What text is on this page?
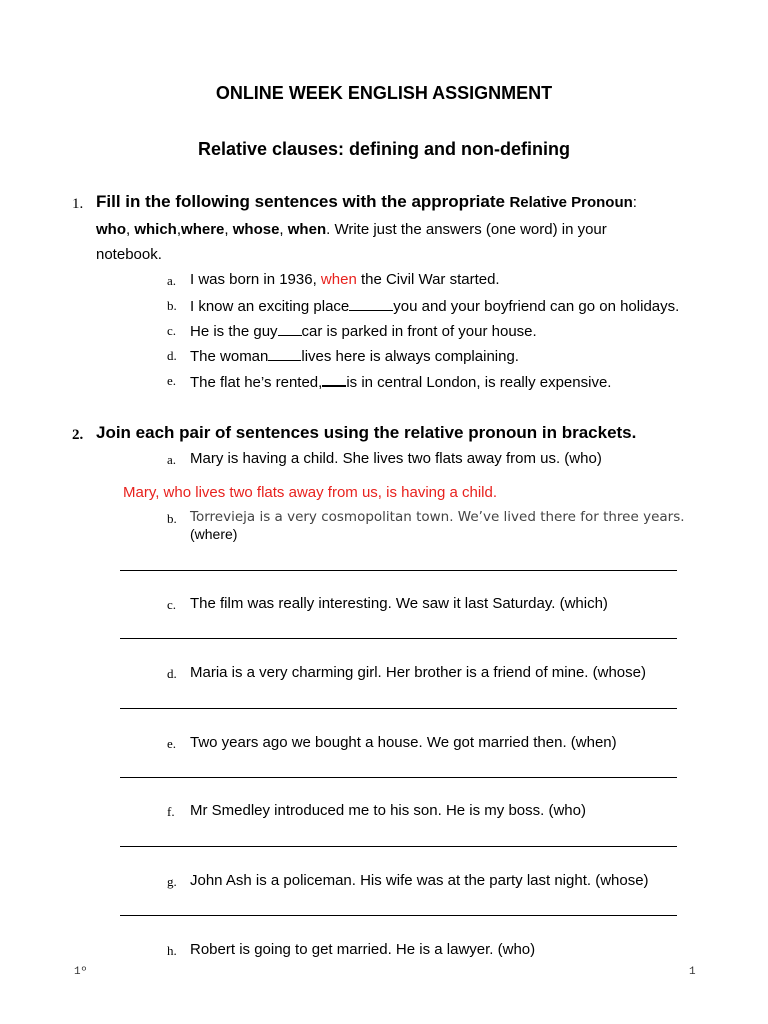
ONLINE WEEK ENGLISH ASSIGNMENT
Relative clauses: defining and non-defining
1. Fill in the following sentences with the appropriate Relative Pronoun:
who, which,where, whose, when. Write just the answers (one word) in your
notebook.
a. I was born in 1936, when the Civil War started.
b. I know an exciting place	you and your boyfriend can go on holidays.
c. He is the guy car is parked in front of your house.
d. The woman lives here is always complaining.
e. The flat he’s rented, is in central London, is really expensive.
2. Join each pair of sentences using the relative pronoun in brackets.
a. Mary is having a child. She lives two flats away from us. (who)
Mary, who lives two flats away from us, is having a child.
b. Torrevieja is a very cosmopolitan town. We’ve lived there for three years.
(where)
c. The film was really interesting. We saw it last Saturday. (which)
d. Maria is a very charming girl. Her brother is a friend of mine. (whose)
e. Two years ago we bought a house. We got married then. (when)
f. Mr Smedley introduced me to his son. He is my boss. (who)
g. John Ash is a policeman. His wife was at the party last night. (whose)
h. Robert is going to get married. He is a lawyer. (who)
1º	1
